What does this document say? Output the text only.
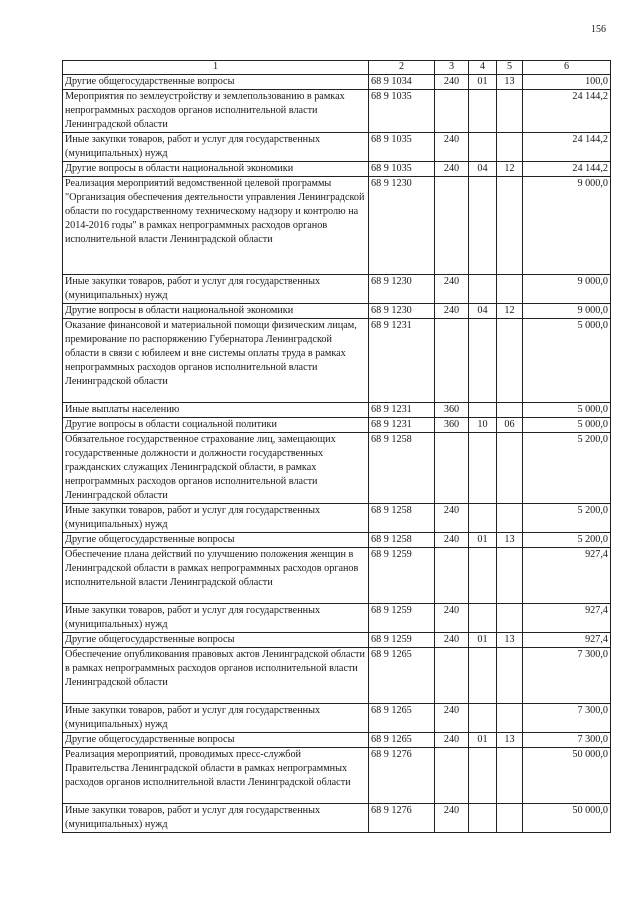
156
1	2	3	4	5	6
Другие общегосударственные вопросы	68 9 1034	240	01	13	100,0
Мероприятия по землеустройству и землепользованию в рамках непрограммных расходов органов исполнительной власти Ленинградской области	68 9 1035				24 144,2
Иные закупки товаров, работ и услуг для государственных (муниципальных) нужд	68 9 1035	240			24 144,2
Другие вопросы в области национальной экономики	68 9 1035	240	04	12	24 144,2
Реализация мероприятий ведомственной целевой программы "Организация обеспечения деятельности управления Ленинградской области по государственному техническому надзору и контролю на 2014-2016 годы" в рамках непрограммных расходов органов исполнительной власти Ленинградской области	68 9 1230				9 000,0
Иные закупки товаров, работ и услуг для государственных (муниципальных) нужд	68 9 1230	240			9 000,0
Другие вопросы в области национальной экономики	68 9 1230	240	04	12	9 000,0
Оказание финансовой и материальной помощи физическим лицам, премирование по распоряжению Губернатора Ленинградской области в связи с юбилеем и вне системы оплаты труда в рамках непрограммных расходов органов исполнительной власти Ленинградской области	68 9 1231				5 000,0
Иные выплаты населению	68 9 1231	360			5 000,0
Другие вопросы в области социальной политики	68 9 1231	360	10	06	5 000,0
Обязательное государственное страхование лиц, замещающих государственные должности и должности государственных гражданских служащих Ленинградской области, в рамках непрограммных расходов органов исполнительной власти Ленинградской области	68 9 1258				5 200,0
Иные закупки товаров, работ и услуг для государственных (муниципальных) нужд	68 9 1258	240			5 200,0
Другие общегосударственные вопросы	68 9 1258	240	01	13	5 200,0
Обеспечение плана действий по улучшению положения женщин в Ленинградской области в рамках непрограммных расходов органов исполнительной власти Ленинградской области	68 9 1259				927,4
Иные закупки товаров, работ и услуг для государственных (муниципальных) нужд	68 9 1259	240			927,4
Другие общегосударственные вопросы	68 9 1259	240	01	13	927,4
Обеспечение опубликования правовых актов Ленинградской области в рамках непрограммных расходов органов исполнительной власти Ленинградской области	68 9 1265				7 300,0
Иные закупки товаров, работ и услуг для государственных (муниципальных) нужд	68 9 1265	240			7 300,0
Другие общегосударственные вопросы	68 9 1265	240	01	13	7 300,0
Реализация мероприятий, проводимых пресс-службой Правительства Ленинградской области в рамках непрограммных расходов органов исполнительной власти Ленинградской области	68 9 1276				50 000,0
Иные закупки товаров, работ и услуг для государственных (муниципальных) нужд	68 9 1276	240			50 000,0
